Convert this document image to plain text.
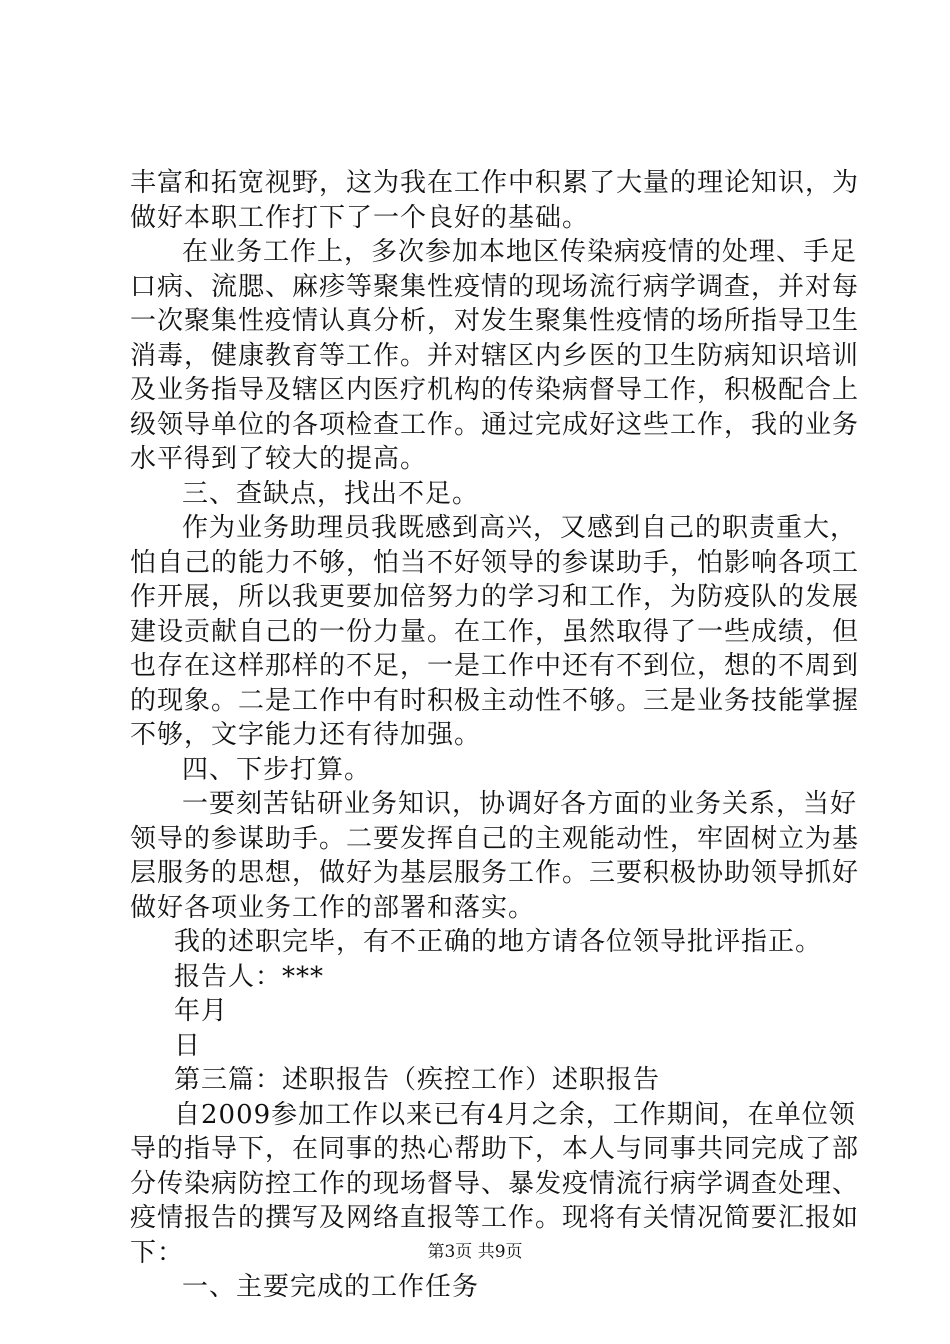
丰富和拓宽视野，这为我在工作中积累了大量的理论知识，为
做好本职工作打下了一个良好的基础。
在业务工作上，多次参加本地区传染病疫情的处理、手足
口病、流腮、麻疹等聚集性疫情的现场流行病学调查，并对每
一次聚集性疫情认真分析，对发生聚集性疫情的场所指导卫生
消毒，健康教育等工作。并对辖区内乡医的卫生防病知识培训
及业务指导及辖区内医疗机构的传染病督导工作，积极配合上
级领导单位的各项检查工作。通过完成好这些工作，我的业务
水平得到了较大的提高。
三、查缺点，找出不足。
作为业务助理员我既感到高兴，又感到自己的职责重大，
怕自己的能力不够，怕当不好领导的参谋助手，怕影响各项工
作开展，所以我更要加倍努力的学习和工作，为防疫队的发展
建设贡献自己的一份力量。在工作，虽然取得了一些成绩，但
也存在这样那样的不足，一是工作中还有不到位，想的不周到
的现象。二是工作中有时积极主动性不够。三是业务技能掌握
不够，文字能力还有待加强。
四、下步打算。
一要刻苦钻研业务知识，协调好各方面的业务关系，当好
领导的参谋助手。二要发挥自己的主观能动性，牢固树立为基
层服务的思想，做好为基层服务工作。三要积极协助领导抓好
做好各项业务工作的部署和落实。
我的述职完毕，有不正确的地方请各位领导批评指正。
报告人：***
年月
日
第三篇：述职报告（疾控工作）述职报告
自2009参加工作以来已有4月之余，工作期间，在单位领
导的指导下，在同事的热心帮助下，本人与同事共同完成了部
分传染病防控工作的现场督导、暴发疫情流行病学调查处理、
疫情报告的撰写及网络直报等工作。现将有关情况简要汇报如
下：
一、主要完成的工作任务
第3页 共9页
